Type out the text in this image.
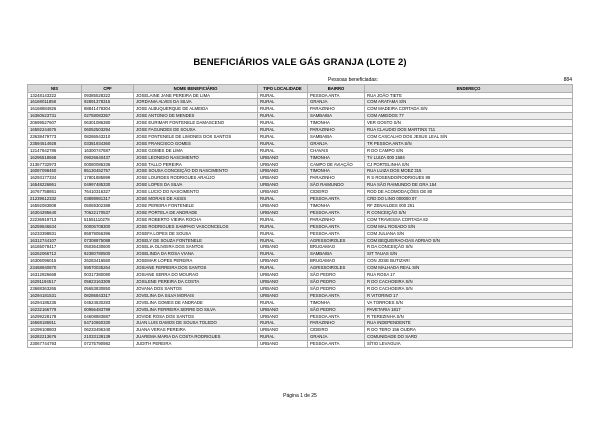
BENEFICIÁRIOS VALE GÁS GRANJA (LOTE 2)
Pessoas beneficiadas:	884
NIS	CPF	NOME BENEFICIÁRIO	TIPO LOCALIDADE	BAIRRO	ENDEREÇO
13248143222	09385528322	JOSELAINE JANE PEREIRA DE LIMA	RURAL	PESSOA ANTA	RUA JOÃO TIETE
16168011858	92891378315	JORDANIA ALVES DA SILVA	RURAL	GRANJA	COM ARATAMA S/N
16168884826	88841478304	JOSE ALBUQUERQUE DE ALMEIDA	RURAL	PARAZINHO	COM MADEIRA CORTADA S/N
16360623731	02758083357	JOSE ANTONIO DE MENDES	RURAL	SAMBAIBA	COM AMEIDOS 77
20699527607	06301086380	JOSE EURIMAR FONTENELE DAMASCENO	RURAL	TIMONHA	VER GOSTO S/N
16592244675	06052503294	JOSE FAGUNDES DE SOUSA	RURAL	PARAZINHO	RUA CLAUDIO DOS MARTINS 711
23638479773	08286543210	JOSE FONTENELE DE LIMONES DOS SANTOS	RURAL	SAMBAIBA	COM CASCALHO DOS JESUS LEAL S/N
23594514928	03381934360	JOSE FRANCISCO GOMES	RURAL	GRANJA	TR PESSOA ANTA S/N
12147842786	16300747687	JOSE GOMES DE LIMA	RURAL	CHAVAIS	R DO CAMPO S/N
16296518568	09026640437	JOSE LEONIDIO NASCIMENTO	URBANO	TIMONHA	TV LUIZA 000 1684
21367732973	00080085336	JOSE TALLO PEREIRA	URBANO	CAMPO DE AVIAÇÃO	CJ PORTELINHA S/N
16087098450	85130452757	JOSE SOUSA CONCEIÇÃO DO NASCIMENTO	URBANO	TIMONHA	RUA LUIZA DOS MOEZ 315
16293177334	17801885899	JOSE LOURDES RODRIGUES ARAÚJO	URBANO	PARAZINHO	R S ROSENDO/RODRIGUES 89
16548226861	04997485330	JOSE LOPES DA SILVA	URBANO	SÃO RAIMUNDO	RUA SÃO RAIMUNDO DE GRA 154
16767758851	76410316327	JOSE LUCIO DO NASCIMENTO	URBANO	CIDEIRO	ROD DE ACOMODAÇÕES DE 80
21239612332	03898981317	JOSE MORAIS DE ASSIS	RURAL	PESSOA ANTA	CRD DO LINO 000000 07
16592083808	05069302388	JOSE PEREIRA FONTENELE	URBANO	TIMONHA	RF ZENAILDES 000 251
16304295640	70622170537	JOSE PORTELA DE ANDRADE	URBANO	PESSOA ANTA	R CONCEIÇÃO S/N
22236919713	51551110278	JOSE ROBERTO VIEIRA ROCHA	RURAL	PARAZINHO	COM TRAVESSA CORTADA 82
16259546634	00006708300	JOSE RODRIGUES SAMPAIO VASCONCELOS	RURAL	PESSOA ANTA	COM MAL ROSADO S/N
16233398831	85879056396	JOSEFA LOPES DE SOUSA	RURAL	PESSOA ANTA	COM JULIANA S/N
16312744107	07308875088	JOSELY DE SOUZA FONTENELE	RURAL	AGRISSOIROLES	COM BEQUEIRAO-DAS ADRIAO S/N
16165078417	05036430600	JOSELIA OLIVEIRA DOS SANTOS	URBANO	BRUGAMAO	R DA CONCEIÇÃO S/N
16262066712	92380780500	JOSELINDA DA ROSA VIANA	RURAL	SAMBAIBA	SIT TAUAS S/N
16306096015	26283416550	JOSEMAR LOPES PEREIRA	URBANO	BRUGAMAO	CON JOSE BUTIZARI
23468940870	59570035264	JOSIANE FERREIRA DOS SANTOS	RURAL	AGRISSOIROLES	COM MALHADA REAL S/N
16312926668	00317380080	JOSIANE SERRA DO MOURAO	URBANO	SÃO PEDRO	RUA ROSA 17
16291194517	05823163309	JOSILENE PEREIRA DA COSTA	URBANO	SÃO PEDRO	R DO CACHOEIRA S/N
23688363265	05653830850	JOVANA DOS SANTOS	URBANO	SÃO PEDRO	R DO CACHOEIRA S/N
16294181531	08286843317	JOVELINA DA SILVA MORAIS	URBANO	PESSOA ANTA	R VITORINO 17
16294186235	04524530283	JOVELINA GOMES DE ANDRADE	RURAL	TIMONHA	VA TORROES S/N
16232166779	00956483799	JOVELINA FERREIRA SERRE DO SILVA	URBANO	SÃO PEDRO	PAVETARIA 1817
16299228178	04608883887	JOVIDE ROSA DOS SANTOS	URBANO	PESSOA ANTA	R TEREZINHA S/N
16568186911	54710650330	JUAN LUIS DAMOS DE SOUSA TOLEDO	RURAL	PARAZINHO	RUA INDEPENDENTE
16299108803	06233496340	JUANA VERAS PEREIRA	URBANO	CIDEIRO	R DO TERO 156 OUDRA
16282213676	21033139139	JUAREMA MARIA DA COSTA RODRIGUES	RURAL	GRANJA	COMUNIDADE DO SARD
23067744793	07275790982	JUDITH PEREIRA	URBANO	PESSOA ANTA	SÍTIO LEVAGUIA
Página 1 de 25
